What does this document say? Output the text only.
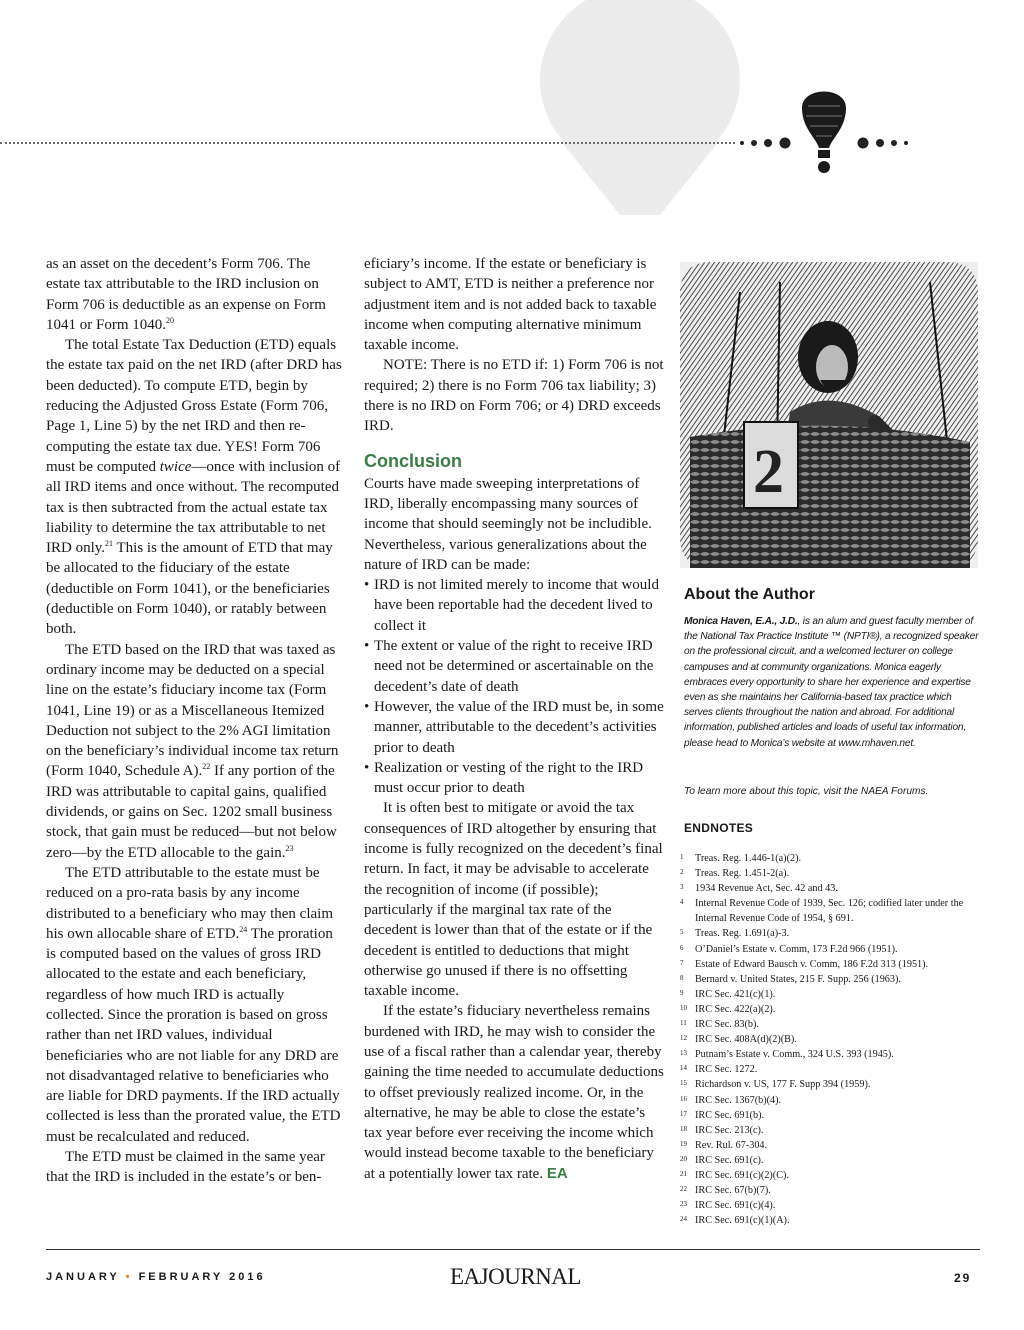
as an asset on the decedent’s Form 706. The estate tax attributable to the IRD inclusion on Form 706 is deductible as an expense on Form 1041 or Form 1040.20

The total Estate Tax Deduction (ETD) equals the estate tax paid on the net IRD (after DRD has been deducted). To compute ETD, begin by reducing the Adjusted Gross Estate (Form 706, Page 1, Line 5) by the net IRD and then re-computing the estate tax due. YES! Form 706 must be computed twice—once with inclusion of all IRD items and once without. The recomputed tax is then subtracted from the actual estate tax liability to determine the tax attributable to net IRD only.$^{21}$ This is the amount of ETD that may be allocated to the fiduciary of the estate (deductible on Form 1041), or the beneficiaries (deductible on Form 1040), or ratably between both.

The ETD based on the IRD that was taxed as ordinary income may be deducted on a special line on the estate’s fiduciary income tax (Form 1041, Line 19) or as a Miscellaneous Itemized Deduction not subject to the 2% AGI limitation on the beneficiary’s individual income tax return (Form 1040, Schedule A).$^{22}$ If any portion of the IRD was attributable to capital gains, qualified dividends, or gains on Sec. 1202 small business stock, that gain must be reduced—but not below zero—by the ETD allocable to the gain.$^{23}$

The ETD attributable to the estate must be reduced on a pro-rata basis by any income distributed to a beneficiary who may then claim his own allocable share of ETD.$^{24}$ The proration is computed based on the values of gross IRD allocated to the estate and each beneficiary, regardless of how much IRD is actually collected. Since the proration is based on gross rather than net IRD values, individual beneficiaries who are not liable for any DRD are not disadvantaged relative to beneficiaries who are liable for DRD payments. If the IRD actually collected is less than the prorated value, the ETD must be recalculated and reduced.

The ETD must be claimed in the same year that the IRD is included in the estate’s or ben-

eficiary’s income. If the estate or beneficiary is subject to AMT, ETD is neither a preference nor adjustment item and is not added back to taxable income when computing alternative minimum taxable income.

NOTE: There is no ETD if: 1) Form 706 is not required; 2) there is no Form 706 tax liability; 3) there is no IRD on Form 706; or 4) DRD exceeds IRD.

Conclusion

Courts have made sweeping interpretations of IRD, liberally encompassing many sources of income that should seemingly not be includible. Nevertheless, various generalizations about the nature of IRD can be made:

• IRD is not limited merely to income that would have been reportable had the decedent lived to collect it
• The extent or value of the right to receive IRD need not be determined or ascertainable on the decedent’s date of death
• However, the value of the IRD must be, in some manner, attributable to the decedent’s activities prior to death
• Realization or vesting of the right to the IRD must occur prior to death

It is often best to mitigate or avoid the tax consequences of IRD altogether by ensuring that income is fully recognized on the decedent’s final return. In fact, it may be advisable to accelerate the recognition of income (if possible); particularly if the marginal tax rate of the decedent is lower than that of the estate or if the decedent is entitled to deductions that might otherwise go unused if there is no offsetting taxable income.

If the estate’s fiduciary nevertheless remains burdened with IRD, he may wish to consider the use of a fiscal rather than a calendar year, thereby gaining the time needed to accumulate deductions to offset previously realized income. Or, in the alternative, he may be able to close the estate’s tax year before ever receiving the income which would instead become taxable to the beneficiary at a potentially lower tax rate. EA

2
About the Author

Monica Haven, E.A., J.D., is an alum and guest faculty member of the National Tax Practice Institute ™ (NPTI®), a recognized speaker on the professional circuit, and a welcomed lecturer on college campuses and at community organizations. Monica eagerly embraces every opportunity to share her experience and expertise even as she maintains her California-based tax practice which serves clients throughout the nation and abroad. For additional information, published articles and loads of useful tax information, please head to Monica’s website at www.mhaven.net.

To learn more about this topic, visit the NAEA Forums.

ENDNOTES
1 Treas. Reg. 1.446-1(a)(2).
2 Treas. Reg. 1.451-2(a).
3 1934 Revenue Act, Sec. 42 and 43.
4 Internal Revenue Code of 1939, Sec. 126; codified later under the Internal Revenue Code of 1954, § 691.
5 Treas. Reg. 1.691(a)-3.
6 O’Daniel’s Estate v. Comm, 173 F.2d 966 (1951).
7 Estate of Edward Bausch v. Comm, 186 F.2d 313 (1951).
8 Bernard v. United States, 215 F. Supp. 256 (1963).
9 IRC Sec. 421(c)(1).
10 IRC Sec. 422(a)(2).
11 IRC Sec. 83(b).
12 IRC Sec. 408A(d)(2)(B).
13 Putnam’s Estate v. Comm., 324 U.S. 393 (1945).
14 IRC Sec. 1272.
15 Richardson v. US, 177 F. Supp 394 (1959).
16 IRC Sec. 1367(b)(4).
17 IRC Sec. 691(b).
18 IRC Sec. 213(c).
19 Rev. Rul. 67-304.
20 IRC Sec. 691(c).
21 IRC Sec. 691(c)(2)(C).
22 IRC Sec. 67(b)(7).
23 IRC Sec. 691(c)(4).
24 IRC Sec. 691(c)(1)(A).
JANUARY • FEBRUARY 2016	EAJOURNAL	29
